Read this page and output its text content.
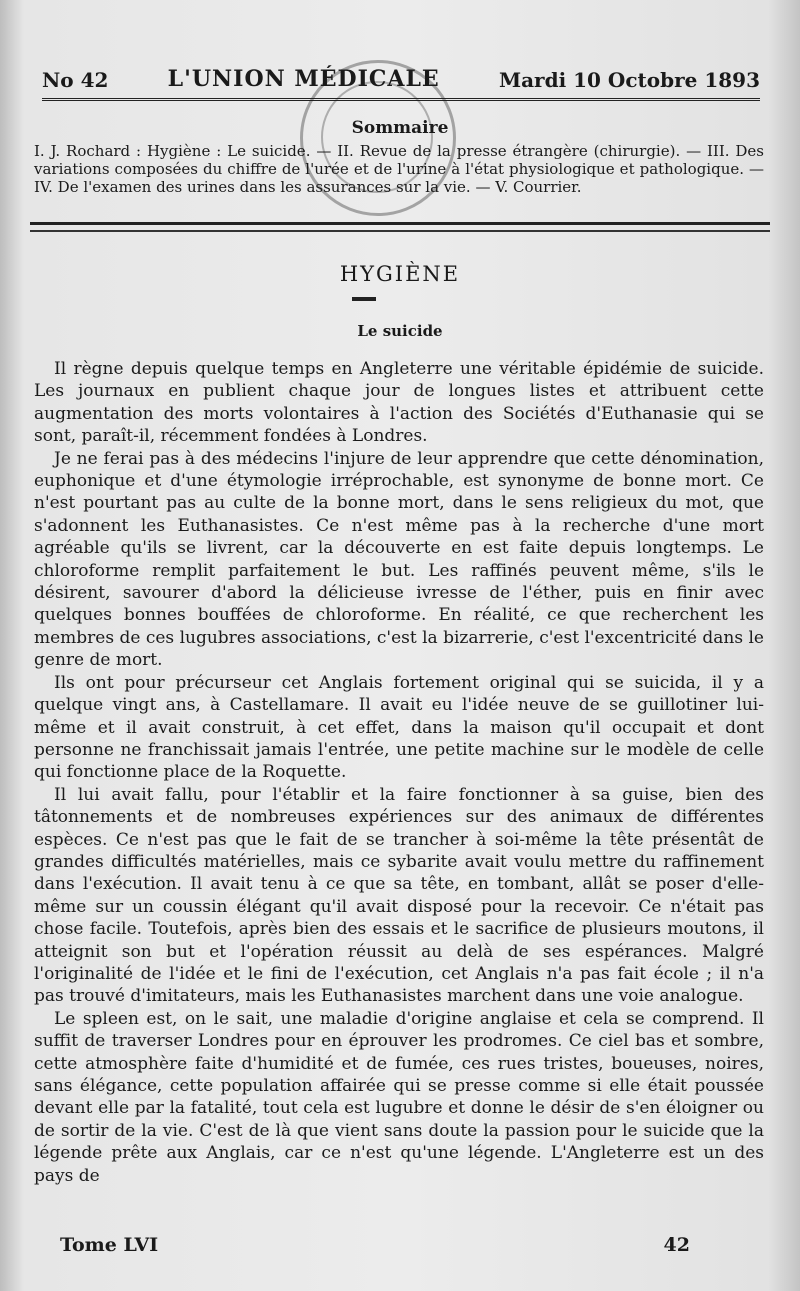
No 42	L'UNION MÉDICALE	Mardi 10 Octobre 1893
Sommaire
I. J. Rochard : Hygiène : Le suicide. — II. Revue de la presse étrangère (chirurgie). — III. Des variations composées du chiffre de l'urée et de l'urine à l'état physiologique et pathologique. — IV. De l'examen des urines dans les assurances sur la vie. — V. Courrier.
HYGIÈNE
Le suicide

Il règne depuis quelque temps en Angleterre une véritable épidémie de suicide. Les journaux en publient chaque jour de longues listes et attribuent cette augmentation des morts volontaires à l'action des Sociétés d'Euthanasie qui se sont, paraît-il, récemment fondées à Londres.

Je ne ferai pas à des médecins l'injure de leur apprendre que cette dénomination, euphonique et d'une étymologie irréprochable, est synonyme de bonne mort. Ce n'est pourtant pas au culte de la bonne mort, dans le sens religieux du mot, que s'adonnent les Euthanasistes. Ce n'est même pas à la recherche d'une mort agréable qu'ils se livrent, car la découverte en est faite depuis longtemps. Le chloroforme remplit parfaitement le but. Les raffinés peuvent même, s'ils le désirent, savourer d'abord la délicieuse ivresse de l'éther, puis en finir avec quelques bonnes bouffées de chloroforme. En réalité, ce que recherchent les membres de ces lugubres associations, c'est la bizarrerie, c'est l'excentricité dans le genre de mort.

Ils ont pour précurseur cet Anglais fortement original qui se suicida, il y a quelque vingt ans, à Castellamare. Il avait eu l'idée neuve de se guillotiner lui-même et il avait construit, à cet effet, dans la maison qu'il occupait et dont personne ne franchissait jamais l'entrée, une petite machine sur le modèle de celle qui fonctionne place de la Roquette.

Il lui avait fallu, pour l'établir et la faire fonctionner à sa guise, bien des tâtonnements et de nombreuses expériences sur des animaux de différentes espèces. Ce n'est pas que le fait de se trancher à soi-même la tête présentât de grandes difficultés matérielles, mais ce sybarite avait voulu mettre du raffinement dans l'exécution. Il avait tenu à ce que sa tête, en tombant, allât se poser d'elle-même sur un coussin élégant qu'il avait disposé pour la recevoir. Ce n'était pas chose facile. Toutefois, après bien des essais et le sacrifice de plusieurs moutons, il atteignit son but et l'opération réussit au delà de ses espérances. Malgré l'originalité de l'idée et le fini de l'exécution, cet Anglais n'a pas fait école ; il n'a pas trouvé d'imitateurs, mais les Euthanasistes marchent dans une voie analogue.

Le spleen est, on le sait, une maladie d'origine anglaise et cela se comprend. Il suffit de traverser Londres pour en éprouver les prodromes. Ce ciel bas et sombre, cette atmosphère faite d'humidité et de fumée, ces rues tristes, boueuses, noires, sans élégance, cette population affairée qui se presse comme si elle était poussée devant elle par la fatalité, tout cela est lugubre et donne le désir de s'en éloigner ou de sortir de la vie. C'est de là que vient sans doute la passion pour le suicide que la légende prête aux Anglais, car ce n'est qu'une légende. L'Angleterre est un des pays de

Tome LVI	42
